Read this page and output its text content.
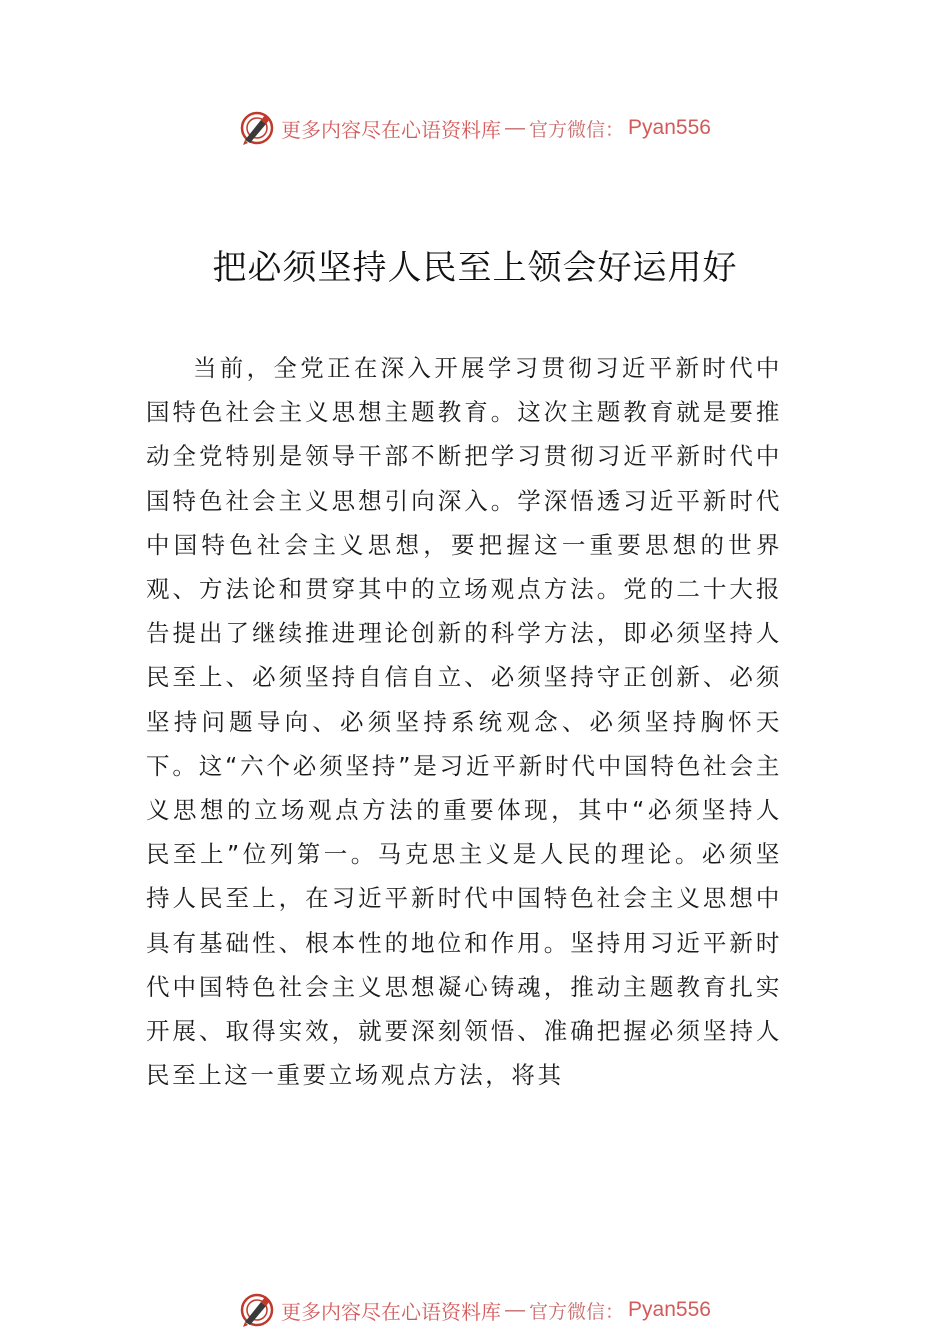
更多内容尽在心语资料库 — 官方微信： Pyan556
把必须坚持人民至上领会好运用好

当前，全党正在深入开展学习贯彻习近平新时代中国特色社会主义思想主题教育。这次主题教育就是要推动全党特别是领导干部不断把学习贯彻习近平新时代中国特色社会主义思想引向深入。学深悟透习近平新时代中国特色社会主义思想，要把握这一重要思想的世界观、方法论和贯穿其中的立场观点方法。党的二十大报告提出了继续推进理论创新的科学方法，即必须坚持人民至上、必须坚持自信自立、必须坚持守正创新、必须坚持问题导向、必须坚持系统观念、必须坚持胸怀天下。这“六个必须坚持”是习近平新时代中国特色社会主义思想的立场观点方法的重要体现，其中“必须坚持人民至上”位列第一。马克思主义是人民的理论。必须坚持人民至上，在习近平新时代中国特色社会主义思想中具有基础性、根本性的地位和作用。坚持用习近平新时代中国特色社会主义思想凝心铸魂，推动主题教育扎实开展、取得实效，就要深刻领悟、准确把握必须坚持人民至上这一重要立场观点方法，将其

更多内容尽在心语资料库 — 官方微信： Pyan556
